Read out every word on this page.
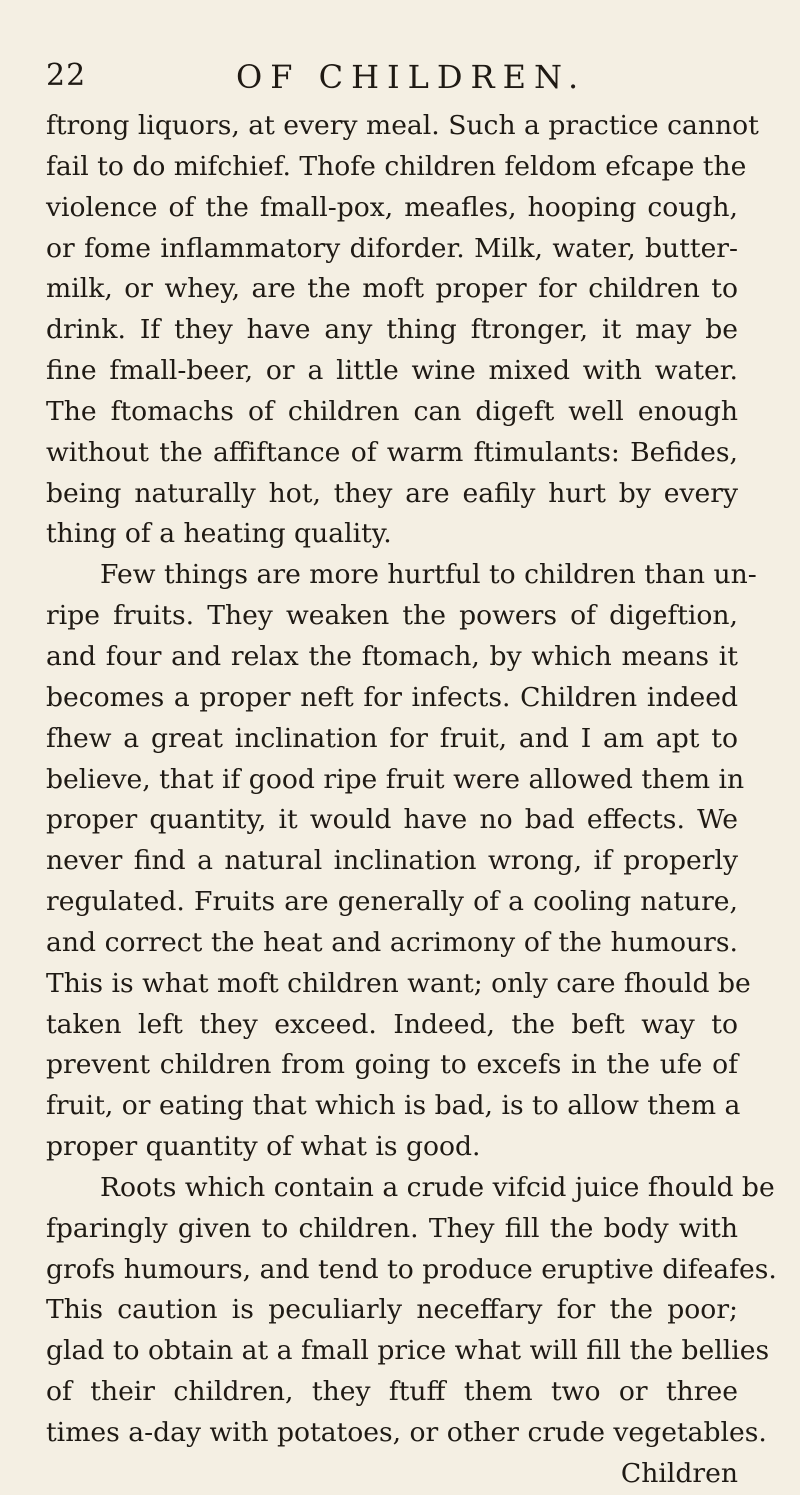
22	OF CHILDREN.
ftrong liquors, at every meal. Such a practice cannot
fail to do mifchief. Thofe children feldom efcape the
violence of the fmall-pox, meafles, hooping cough,
or fome inflammatory diforder. Milk, water, butter-
milk, or whey, are the moft proper for children to
drink. If they have any thing ftronger, it may be
fine fmall-beer, or a little wine mixed with water.
The ftomachs of children can digeft well enough
without the affiftance of warm ftimulants: Befides,
being naturally hot, they are eafily hurt by every
thing of a heating quality.
Few things are more hurtful to children than un-
ripe fruits. They weaken the powers of digeftion,
and four and relax the ftomach, by which means it
becomes a proper neft for infects. Children indeed
fhew a great inclination for fruit, and I am apt to
believe, that if good ripe fruit were allowed them in
proper quantity, it would have no bad effects. We
never find a natural inclination wrong, if properly
regulated. Fruits are generally of a cooling nature,
and correct the heat and acrimony of the humours.
This is what moft children want; only care fhould be
taken left they exceed. Indeed, the beft way to
prevent children from going to excefs in the ufe of
fruit, or eating that which is bad, is to allow them a
proper quantity of what is good.
Roots which contain a crude vifcid juice fhould be
fparingly given to children. They fill the body with
grofs humours, and tend to produce eruptive difeafes.
This caution is peculiarly neceffary for the poor;
glad to obtain at a fmall price what will fill the bellies
of their children, they ftuff them two or three
times a-day with potatoes, or other crude vegetables.
Children
